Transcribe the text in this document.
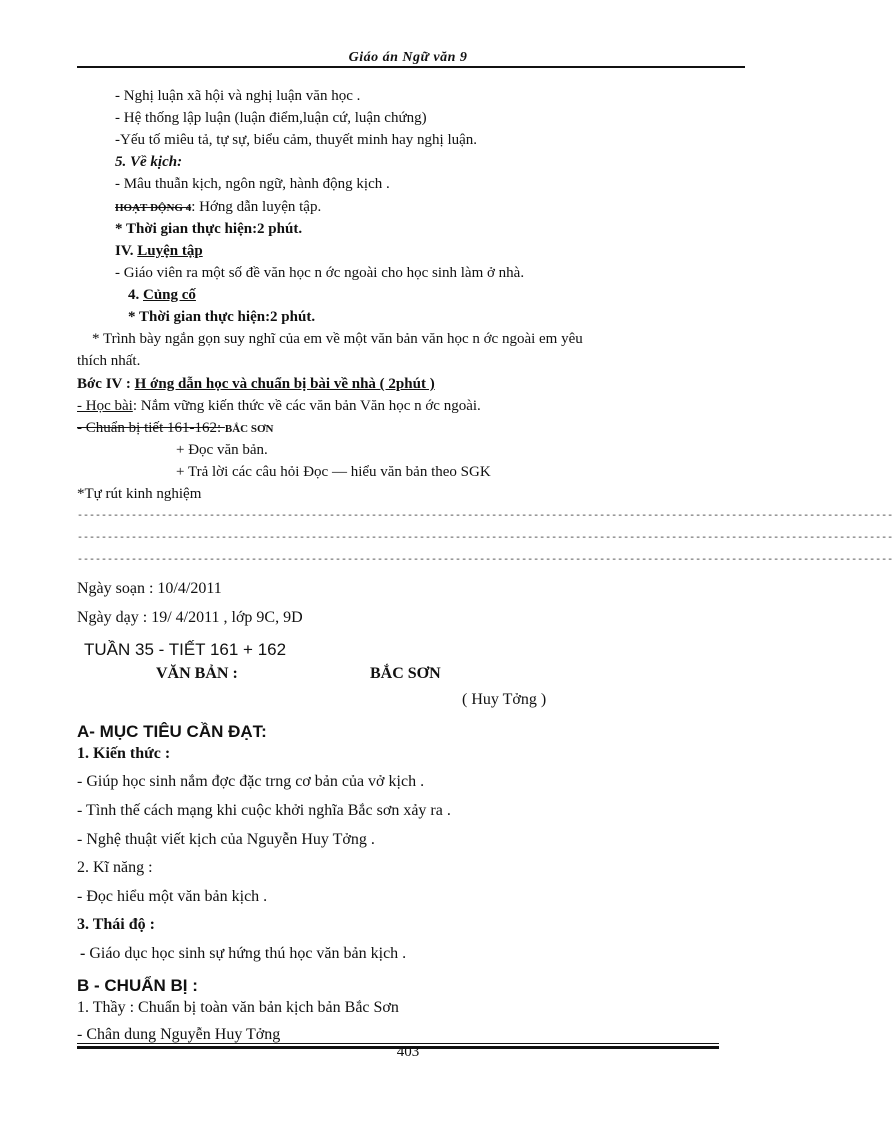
Giáo án Ngữ văn 9
- Nghị luận xã hội và nghị luận văn học .
- Hệ thống lập luận (luận điểm,luận cứ, luận chứng)
-Yếu tố miêu tả, tự sự, biểu cảm, thuyết minh hay nghị luận.
5. Về kịch:
- Mâu thuẫn kịch, ngôn ngữ, hành động kịch .
HOẠT ĐỘNG 4: Hớng dẫn luyện tập.
* Thời gian thực hiện:2 phút.
IV. Luyện tập
- Giáo viên ra một số đề văn học n ớc ngoài cho học sinh làm ở nhà.
4. Củng cố
* Thời gian thực hiện:2 phút.
* Trình bày ngắn gọn suy nghĩ của em về một văn bản văn học n ớc ngoài em yêu
thích nhất.
Bớc IV : H ớng dẫn học và chuẩn bị bài về nhà ( 2phút )
- Học bài: Nắm vững kiến thức về các văn bản Văn học n ớc ngoài.
- Chuẩn bị tiết 161-162: BẮC SƠN
+ Đọc văn bản.
+ Trả lời các câu hỏi Đọc — hiểu văn bản theo SGK
*Tự rút kinh nghiệm
----------------------------------------------------------------------------------------------------------------------------------------
----------------------------------------------------------------------------------------------------------------------------------------
----------------------------------------------------------------------------------------------------------------------------------------
Ngày soạn : 10/4/2011
Ngày dạy : 19/ 4/2011 , lớp 9C, 9D
TUẦN 35 - TIẾT 161 + 162
VĂN BẢN :	BẮC SƠN
( Huy Tởng )
A- MỤC TIÊU CẦN ĐẠT:
1. Kiến thức :
- Giúp học sinh nắm đợc đặc trng cơ bản của vở kịch .
- Tình thế cách mạng khi cuộc khởi nghĩa Bắc sơn xảy ra .
- Nghệ thuật viết kịch của Nguyễn Huy Tởng .
2. Kĩ năng :
- Đọc hiểu một văn bản kịch .
3. Thái độ :
- Giáo dục học sinh sự hứng thú học văn bản kịch .
B - CHUẨN BỊ :
1. Thầy : Chuẩn bị toàn văn bản kịch bản Bắc Sơn
- Chân dung Nguyễn Huy Tởng
403
